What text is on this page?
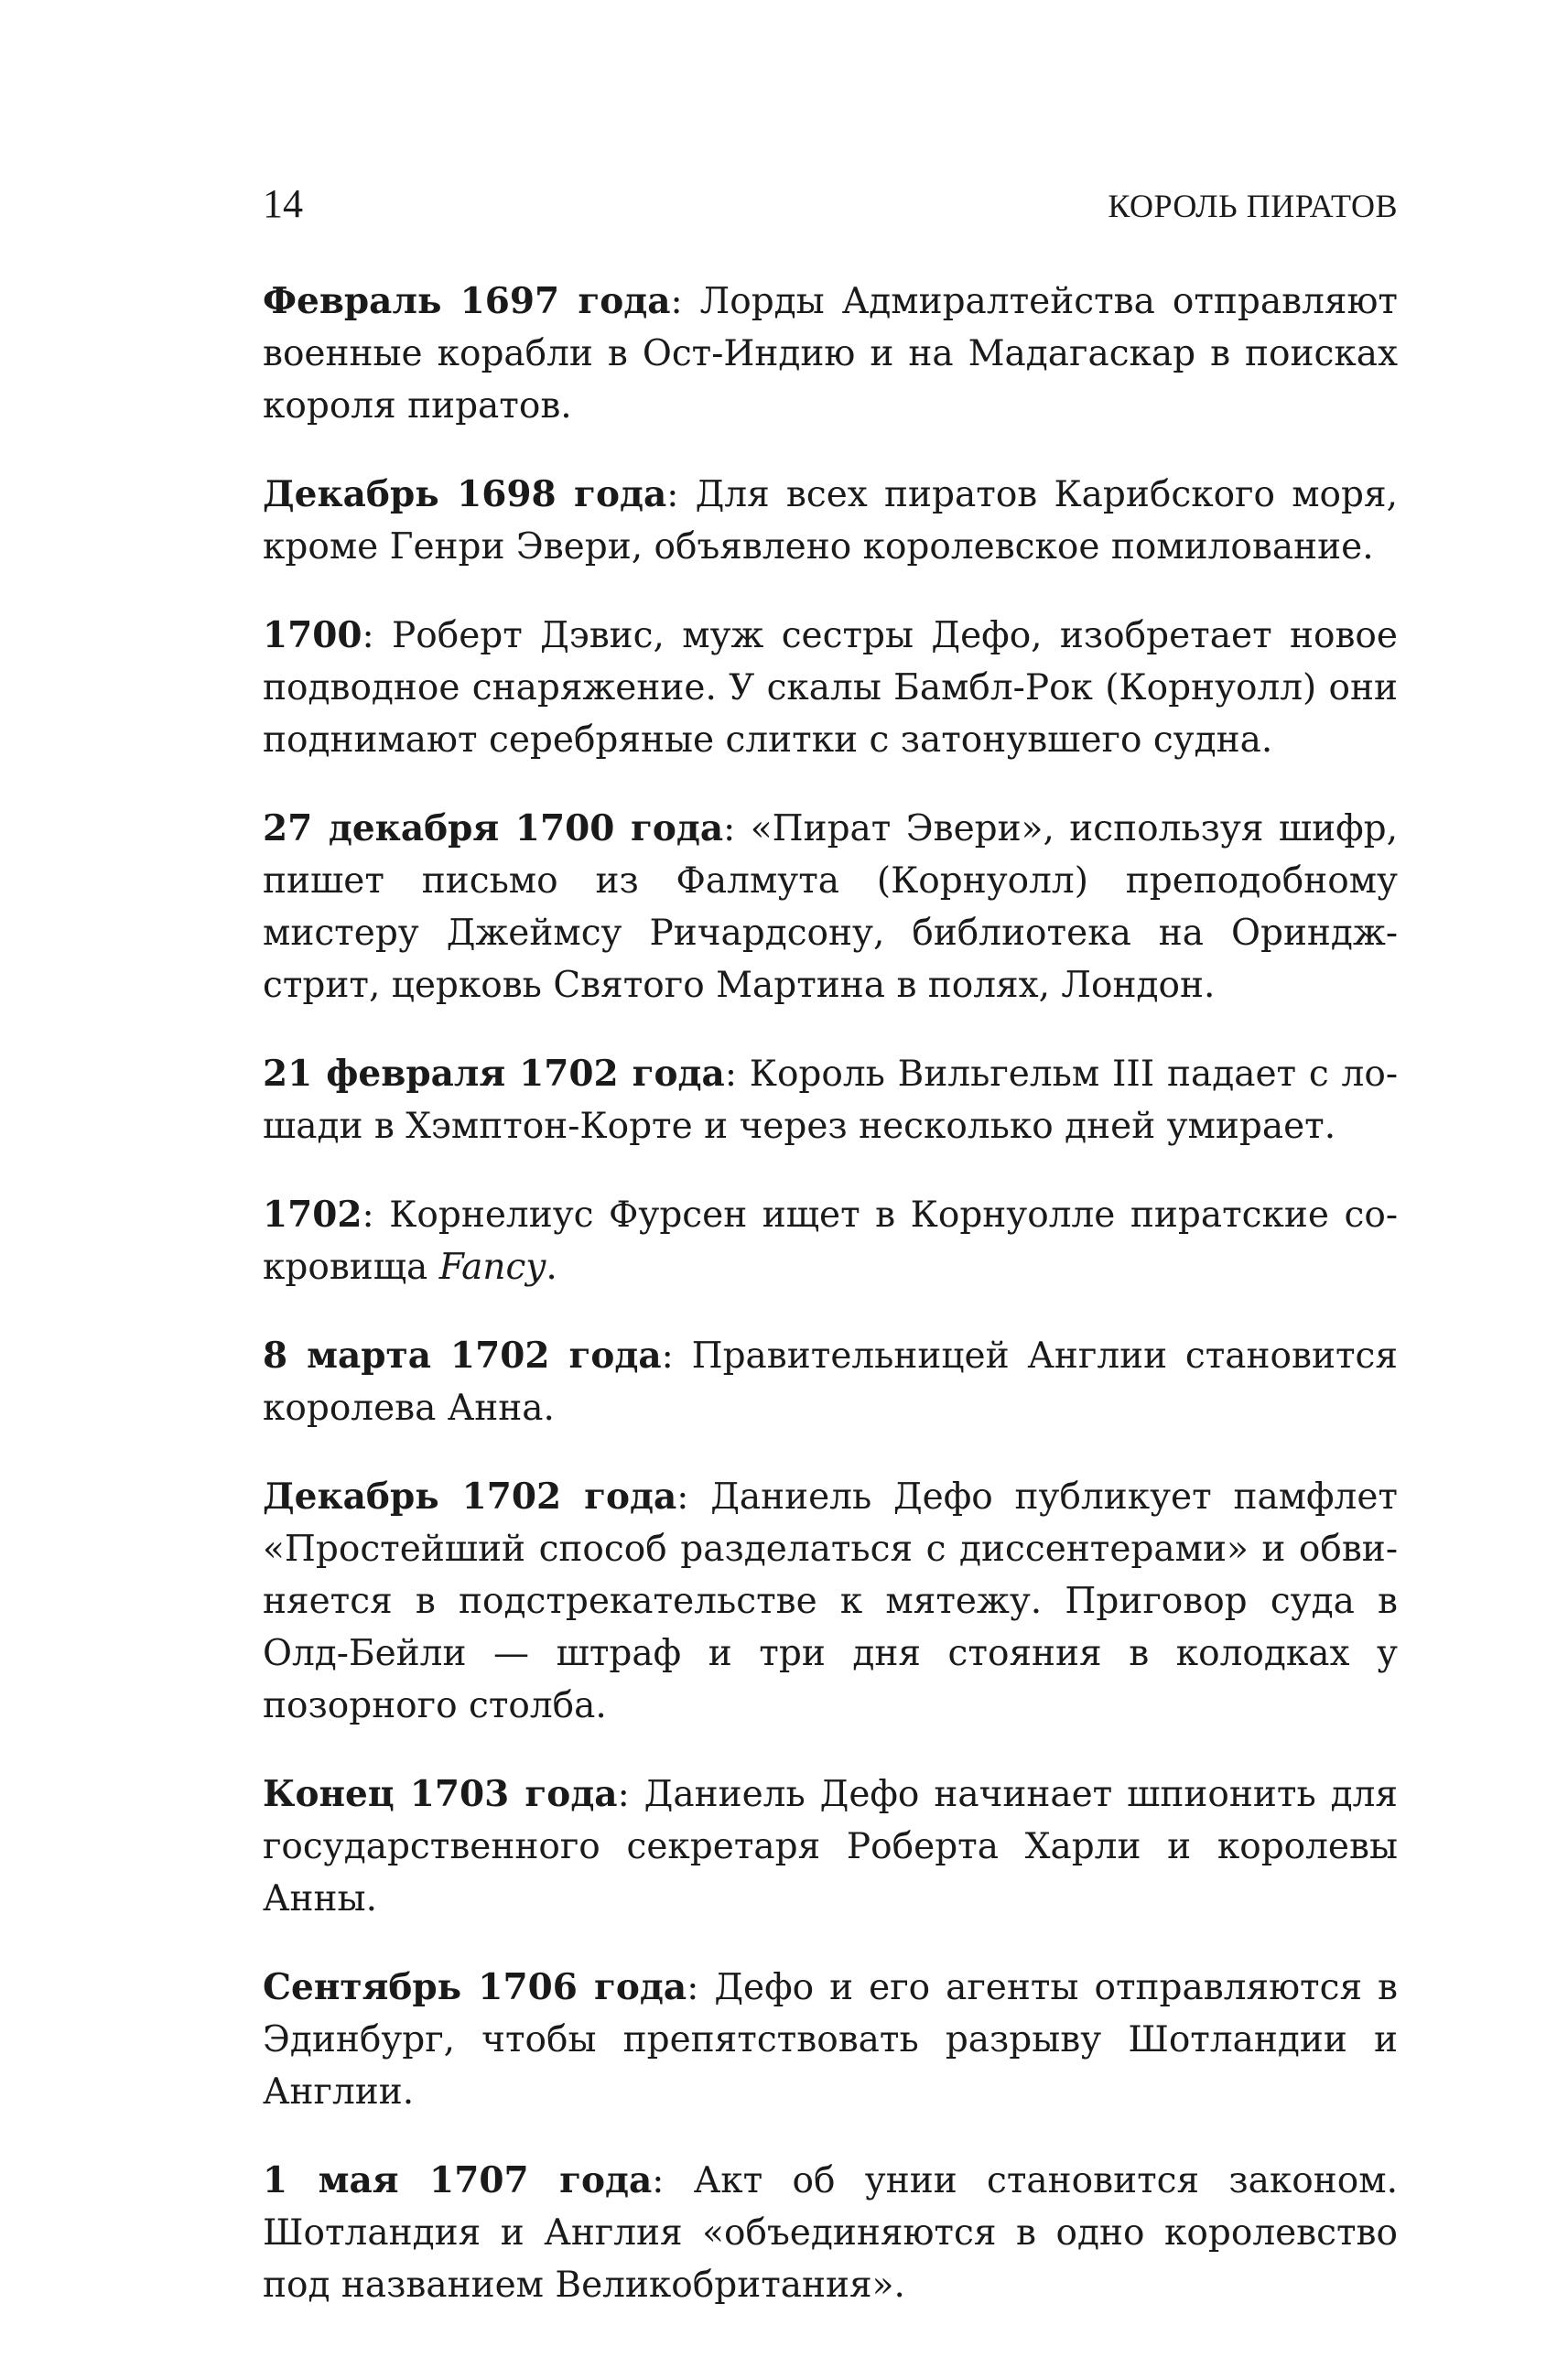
14	КОРОЛЬ ПИРАТОВ

Февраль 1697 года: Лорды Адмиралтейства отправляют военные корабли в Ост-Индию и на Мадагаскар в поисках короля пиратов.

Декабрь 1698 года: Для всех пиратов Карибского моря, кроме Генри Эвери, объявлено королевское помилование.

1700: Роберт Дэвис, муж сестры Дефо, изобретает новое подводное снаряжение. У скалы Бамбл-Рок (Корнуолл) они поднимают серебряные слитки с затонувшего судна.

27 декабря 1700 года: «Пират Эвери», используя шифр, пишет письмо из Фалмута (Корнуолл) преподобному мистеру Джеймсу Ричардсону, библиотека на Ориндж-стрит, церковь Святого Мартина в полях, Лондон.

21 февраля 1702 года: Король Вильгельм III падает с лошади в Хэмптон-Корте и через несколько дней умирает.

1702: Корнелиус Фурсен ищет в Корнуолле пиратские сокровища Fancy.

8 марта 1702 года: Правительницей Англии становится королева Анна.

Декабрь 1702 года: Даниель Дефо публикует памфлет «Простейший способ разделаться с диссентерами» и обвиняется в подстрекательстве к мятежу. Приговор суда в Олд-Бейли — штраф и три дня стояния в колодках у позорного столба.

Конец 1703 года: Даниель Дефо начинает шпионить для государственного секретаря Роберта Харли и королевы Анны.

Сентябрь 1706 года: Дефо и его агенты отправляются в Эдинбург, чтобы препятствовать разрыву Шотландии и Англии.

1 мая 1707 года: Акт об унии становится законом. Шотландия и Англия «объединяются в одно королевство под названием Великобритания».
